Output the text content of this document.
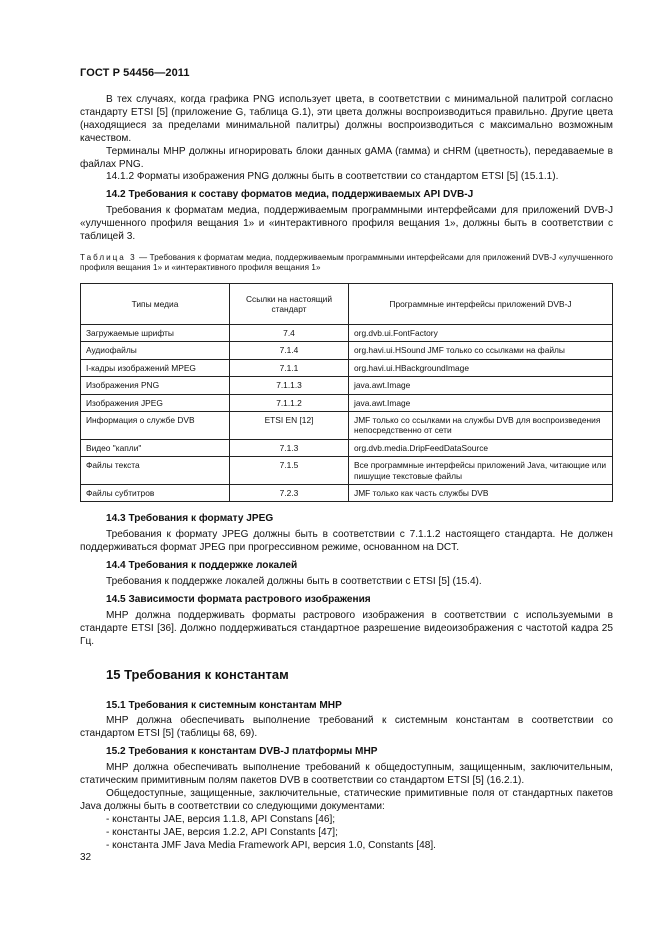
ГОСТ Р 54456—2011

В тех случаях, когда графика PNG использует цвета, в соответствии с минимальной палитрой согласно стандарту ETSI [5] (приложение G, таблица G.1), эти цвета должны воспроизводиться правильно. Другие цвета (находящиеся за пределами минимальной палитры) должны воспроизводиться с максимально возможным качеством.

Терминалы MHP должны игнорировать блоки данных gAMA (гамма) и cHRM (цветность), передаваемые в файлах PNG.

14.1.2 Форматы изображения PNG должны быть в соответствии со стандартом ETSI [5] (15.1.1).

14.2 Требования к составу форматов медиа, поддерживаемых API DVB-J

Требования к форматам медиа, поддерживаемым программными интерфейсами для приложений DVB-J «улучшенного профиля вещания 1» и «интерактивного профиля вещания 1», должны быть в соответствии с таблицей 3.

Таблица 3 — Требования к форматам медиа, поддерживаемым программными интерфейсами для приложений DVB-J «улучшенного профиля вещания 1» и «интерактивного профиля вещания 1»
Типы медиа	Ссылки на настоящий стандарт	Программные интерфейсы приложений DVB-J
Загружаемые шрифты	7.4	org.dvb.ui.FontFactory
Аудиофайлы	7.1.4	org.havi.ui.HSound JMF только со ссылками на файлы
I-кадры изображений MPEG	7.1.1	org.havi.ui.HBackgroundImage
Изображения PNG	7.1.1.3	java.awt.Image
Изображения JPEG	7.1.1.2	java.awt.Image
Информация о службе DVB	ETSI EN [12]	JMF только со ссылками на службы DVB для воспроизведения непосредственно от сети
Видео "капли"	7.1.3	org.dvb.media.DripFeedDataSource
Файлы текста	7.1.5	Все программные интерфейсы приложений Java, читающие или пишущие текстовые файлы
Файлы субтитров	7.2.3	JMF только как часть службы DVB
14.3 Требования к формату JPEG

Требования к формату JPEG должны быть в соответствии с 7.1.1.2 настоящего стандарта. Не должен поддерживаться формат JPEG при прогрессивном режиме, основанном на DCT.

14.4 Требования к поддержке локалей

Требования к поддержке локалей должны быть в соответствии с ETSI [5] (15.4).

14.5 Зависимости формата растрового изображения

MHP должна поддерживать форматы растрового изображения в соответствии с используемыми в стандарте ETSI [36]. Должно поддерживаться стандартное разрешение видеоизображения с частотой кадра 25 Гц.

15 Требования к константам
15.1 Требования к системным константам MHP

MHP должна обеспечивать выполнение требований к системным константам в соответствии со стандартом ETSI [5] (таблицы 68, 69).

15.2 Требования к константам DVB-J платформы MHP

MHP должна обеспечивать выполнение требований к общедоступным, защищенным, заключительным, статическим примитивным полям пакетов DVB в соответствии со стандартом ETSI [5] (16.2.1).

Общедоступные, защищенные, заключительные, статические примитивные поля от стандартных пакетов Java должны быть в соответствии со следующими документами:

- константы JAE, версия 1.1.8, API Constans [46];
- константы JAE, версия 1.2.2, API Constants [47];
- константа JMF Java Media Framework API, версия 1.0, Constants [48].
32
